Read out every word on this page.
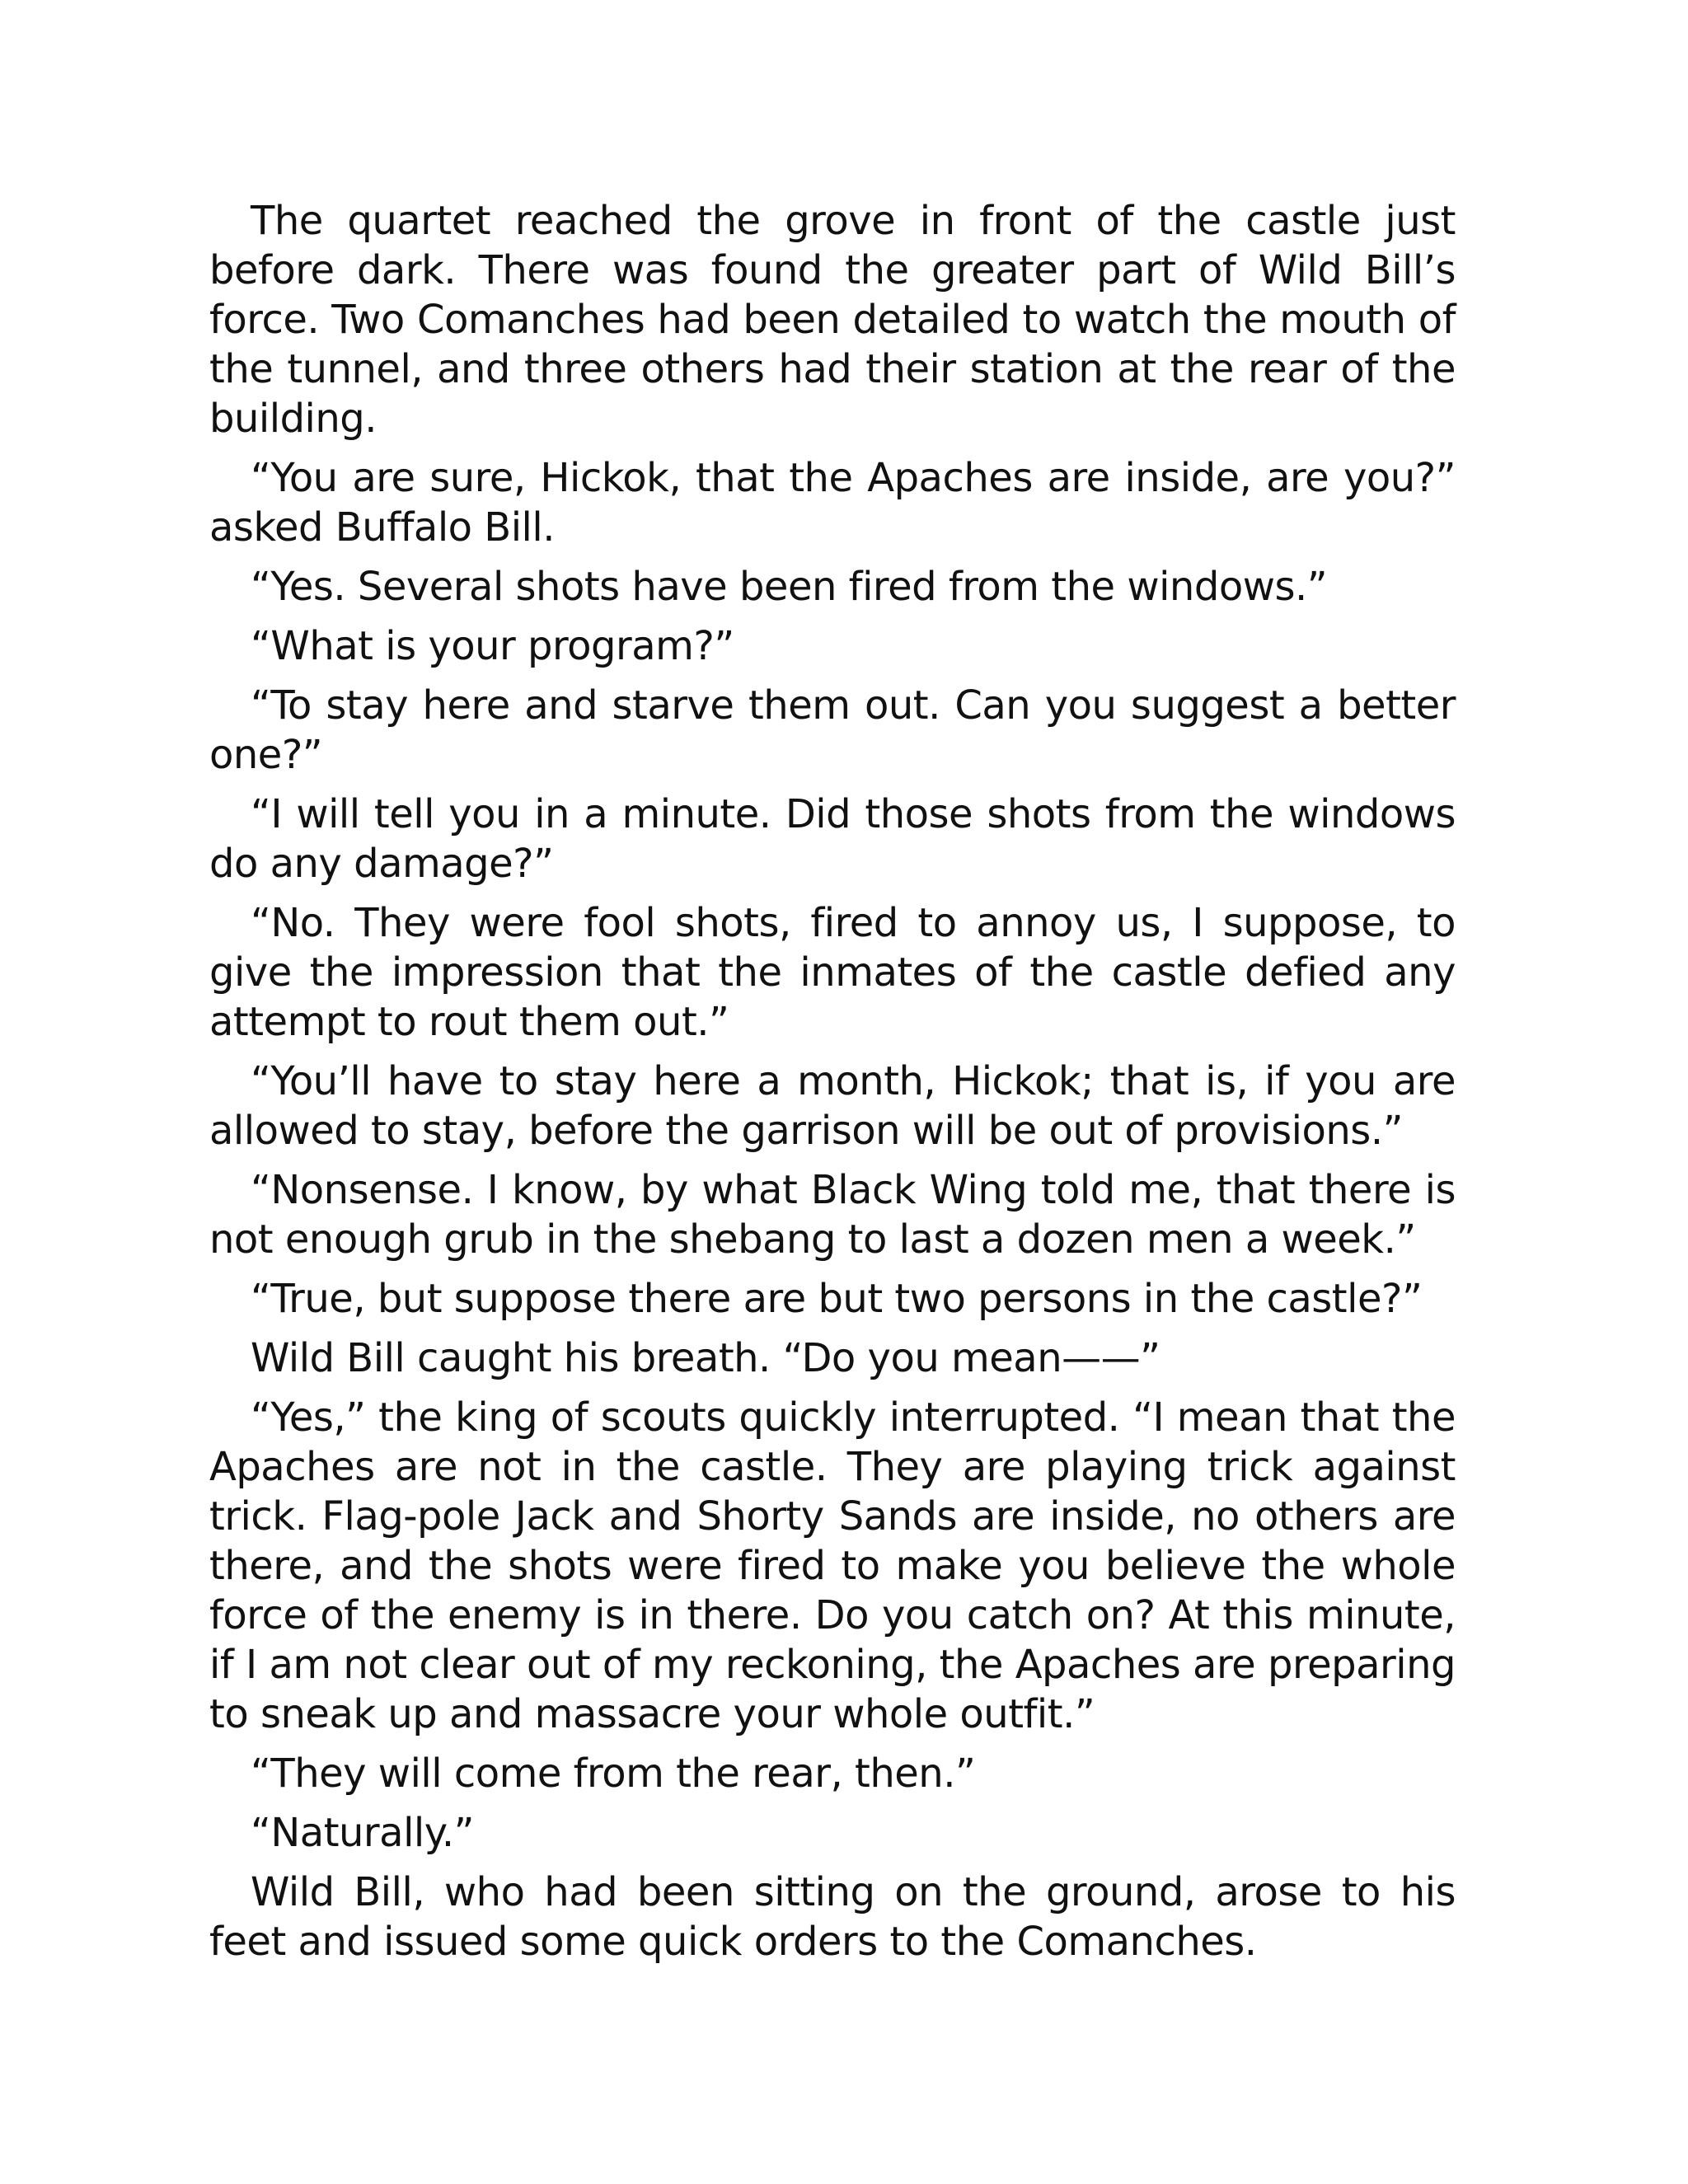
The quartet reached the grove in front of the castle just before dark. There was found the greater part of Wild Bill’s force. Two Comanches had been detailed to watch the mouth of the tunnel, and three others had their station at the rear of the building.

“You are sure, Hickok, that the Apaches are inside, are you?” asked Buffalo Bill.

“Yes. Several shots have been fired from the windows.”

“What is your program?”

“To stay here and starve them out. Can you suggest a better one?”

“I will tell you in a minute. Did those shots from the windows do any damage?”

“No. They were fool shots, fired to annoy us, I suppose, to give the impression that the inmates of the castle defied any attempt to rout them out.”

“You’ll have to stay here a month, Hickok; that is, if you are allowed to stay, before the garrison will be out of provisions.”

“Nonsense. I know, by what Black Wing told me, that there is not enough grub in the shebang to last a dozen men a week.”

“True, but suppose there are but two persons in the castle?”

Wild Bill caught his breath. “Do you mean——”

“Yes,” the king of scouts quickly interrupted. “I mean that the Apaches are not in the castle. They are playing trick against trick. Flag-pole Jack and Shorty Sands are inside, no others are there, and the shots were fired to make you believe the whole force of the enemy is in there. Do you catch on? At this minute, if I am not clear out of my reckoning, the Apaches are preparing to sneak up and massacre your whole outfit.”

“They will come from the rear, then.”

“Naturally.”

Wild Bill, who had been sitting on the ground, arose to his feet and issued some quick orders to the Comanches.
